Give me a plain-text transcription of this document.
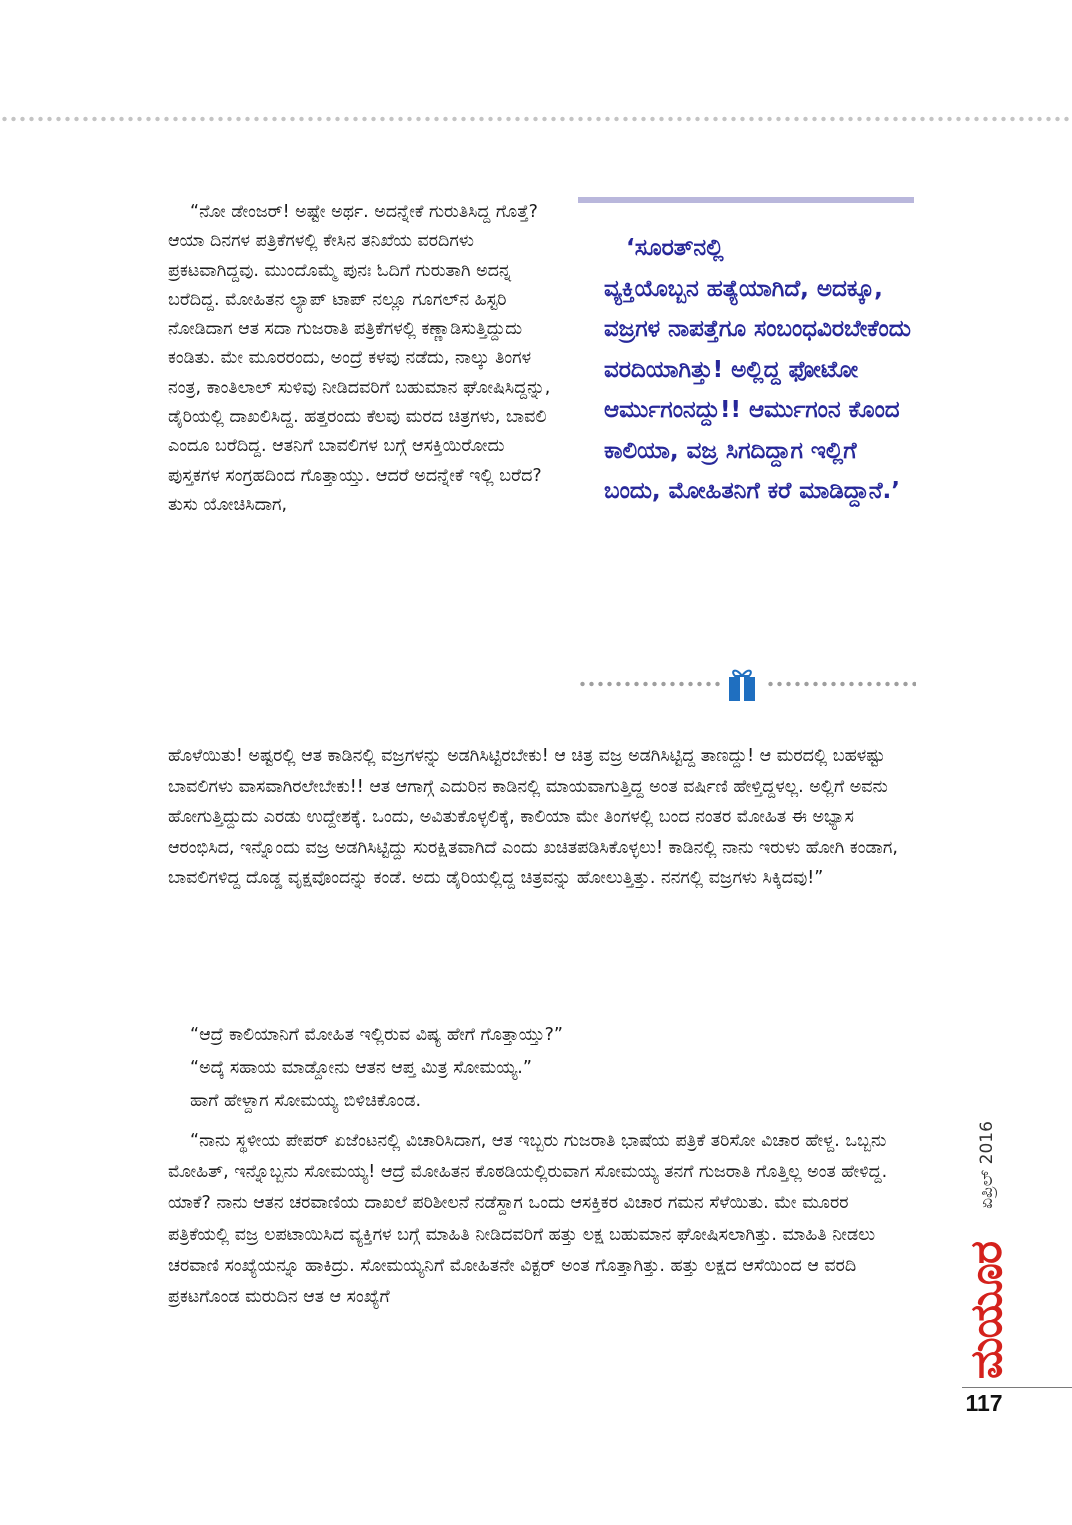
“ನೋ ಡೇಂಜರ್! ಅಷ್ಟೇ ಅರ್ಥ. ಅದನ್ನೇಕೆ ಗುರುತಿಸಿದ್ದ ಗೊತ್ತೆ? ಆಯಾ ದಿನಗಳ ಪತ್ರಿಕೆಗಳಲ್ಲಿ ಕೇಸಿನ ತನಿಖೆಯ ವರದಿಗಳು ಪ್ರಕಟವಾಗಿದ್ದವು. ಮುಂದೊಮ್ಮೆ ಪುನಃ ಓದಿಗೆ ಗುರುತಾಗಿ ಅದನ್ನ ಬರೆದಿದ್ದ. ಮೋಹಿತನ ಲ್ಯಾಪ್ ಟಾಪ್ ನಲ್ಲೂ ಗೂಗಲ್‌ನ ಹಿಸ್ಟರಿ ನೋಡಿದಾಗ ಆತ ಸದಾ ಗುಜರಾತಿ ಪತ್ರಿಕೆಗಳಲ್ಲಿ ಕಣ್ಣಾಡಿಸುತ್ತಿದ್ದುದು ಕಂಡಿತು. ಮೇ ಮೂರರಂದು, ಅಂದ್ರೆ ಕಳವು ನಡೆದು, ನಾಲ್ಕು ತಿಂಗಳ ನಂತ್ರ, ಕಾಂತಿಲಾಲ್ ಸುಳಿವು ನೀಡಿದವರಿಗೆ ಬಹುಮಾನ ಘೋಷಿಸಿದ್ದನ್ನು, ಡೈರಿಯಲ್ಲಿ ದಾಖಲಿಸಿದ್ದ. ಹತ್ತರಂದು ಕೆಲವು ಮರದ ಚಿತ್ರಗಳು, ಬಾವಲಿ ಎಂದೂ ಬರೆದಿದ್ದ. ಆತನಿಗೆ ಬಾವಲಿಗಳ ಬಗ್ಗೆ ಆಸಕ್ತಿಯಿರೋದು ಪುಸ್ತಕಗಳ ಸಂಗ್ರಹದಿಂದ ಗೊತ್ತಾಯ್ತು. ಆದರೆ ಅದನ್ನೇಕೆ ಇಲ್ಲಿ ಬರೆದ? ತುಸು ಯೋಚಿಸಿದಾಗ,

‘ಸೂರತ್‌ನಲ್ಲಿ
ವ್ಯಕ್ತಿಯೊಬ್ಬನ ಹತ್ಯೆಯಾಗಿದೆ, ಅದಕ್ಕೂ, ವಜ್ರಗಳ ನಾಪತ್ತೆಗೂ ಸಂಬಂಧವಿರಬೇಕೆಂದು ವರದಿಯಾಗಿತ್ತು! ಅಲ್ಲಿದ್ದ ಫೋಟೋ ಆರ್ಮುಗಂನದ್ದು!! ಆರ್ಮುಗಂನ ಕೊಂದ ಕಾಲಿಯಾ, ವಜ್ರ ಸಿಗದಿದ್ದಾಗ ಇಲ್ಲಿಗೆ ಬಂದು, ಮೋಹಿತನಿಗೆ ಕರೆ ಮಾಡಿದ್ದಾನೆ.’

ಹೊಳೆಯಿತು! ಅಷ್ಟರಲ್ಲಿ ಆತ ಕಾಡಿನಲ್ಲಿ ವಜ್ರಗಳನ್ನು ಅಡಗಿಸಿಟ್ಟಿರಬೇಕು! ಆ ಚಿತ್ರ ವಜ್ರ ಅಡಗಿಸಿಟ್ಟಿದ್ದ ತಾಣದ್ದು! ಆ ಮರದಲ್ಲಿ ಬಹಳಷ್ಟು ಬಾವಲಿಗಳು ವಾಸವಾಗಿರಲೇಬೇಕು!! ಆತ ಆಗಾಗ್ಗೆ ಎದುರಿನ ಕಾಡಿನಲ್ಲಿ ಮಾಯವಾಗುತ್ತಿದ್ದ ಅಂತ ವರ್ಷಿಣಿ ಹೇಳ್ತಿದ್ದಳಲ್ಲ. ಅಲ್ಲಿಗೆ ಅವನು ಹೋಗುತ್ತಿದ್ದುದು ಎರಡು ಉದ್ದೇಶಕ್ಕೆ. ಒಂದು, ಅವಿತುಕೊಳ್ಳಲಿಕ್ಕೆ, ಕಾಲಿಯಾ ಮೇ ತಿಂಗಳಲ್ಲಿ ಬಂದ ನಂತರ ಮೋಹಿತ ಈ ಅಭ್ಯಾಸ ಆರಂಭಿಸಿದ, ಇನ್ನೊಂದು ವಜ್ರ ಅಡಗಿಸಿಟ್ಟಿದ್ದು ಸುರಕ್ಷಿತವಾಗಿದೆ ಎಂದು ಖಚಿತಪಡಿಸಿಕೊಳ್ಳಲು! ಕಾಡಿನಲ್ಲಿ ನಾನು ಇರುಳು ಹೋಗಿ ಕಂಡಾಗ, ಬಾವಲಿಗಳಿದ್ದ ದೊಡ್ಡ ವೃಕ್ಷವೊಂದನ್ನು ಕಂಡೆ. ಅದು ಡೈರಿಯಲ್ಲಿದ್ದ ಚಿತ್ರವನ್ನು ಹೋಲುತ್ತಿತ್ತು. ನನಗಲ್ಲಿ ವಜ್ರಗಳು ಸಿಕ್ಕಿದವು!”

“ಆದ್ರೆ ಕಾಲಿಯಾನಿಗೆ ಮೋಹಿತ ಇಲ್ಲಿರುವ ವಿಷ್ಯ ಹೇಗೆ ಗೊತ್ತಾಯ್ತು?”

“ಅದ್ಕೆ ಸಹಾಯ ಮಾಡ್ದೋನು ಆತನ ಆಪ್ತ ಮಿತ್ರ ಸೋಮಯ್ಯ.”

ಹಾಗೆ ಹೇಳ್ದಾಗ ಸೋಮಯ್ಯ ಬಿಳಿಚಿಕೊಂಡ.

“ನಾನು ಸ್ಥಳೀಯ ಪೇಪರ್ ಏಜೆಂಟನಲ್ಲಿ ವಿಚಾರಿಸಿದಾಗ, ಆತ ಇಬ್ಬರು ಗುಜರಾತಿ ಭಾಷೆಯ ಪತ್ರಿಕೆ ತರಿಸೋ ವಿಚಾರ ಹೇಳ್ದ. ಒಬ್ಬನು ಮೋಹಿತ್, ಇನ್ನೊಬ್ಬನು ಸೋಮಯ್ಯ! ಆದ್ರೆ ಮೋಹಿತನ ಕೊಠಡಿಯಲ್ಲಿರುವಾಗ ಸೋಮಯ್ಯ ತನಗೆ ಗುಜರಾತಿ ಗೊತ್ತಿಲ್ಲ ಅಂತ ಹೇಳಿದ್ದ. ಯಾಕೆ? ನಾನು ಆತನ ಚರವಾಣಿಯ ದಾಖಲೆ ಪರಿಶೀಲನೆ ನಡೆಸ್ದಾಗ ಒಂದು ಆಸಕ್ತಿಕರ ವಿಚಾರ ಗಮನ ಸೆಳೆಯಿತು. ಮೇ ಮೂರರ ಪತ್ರಿಕೆಯಲ್ಲಿ ವಜ್ರ ಲಪಟಾಯಿಸಿದ ವ್ಯಕ್ತಿಗಳ ಬಗ್ಗೆ ಮಾಹಿತಿ ನೀಡಿದವರಿಗೆ ಹತ್ತು ಲಕ್ಷ ಬಹುಮಾನ ಘೋಷಿಸಲಾಗಿತ್ತು. ಮಾಹಿತಿ ನೀಡಲು ಚರವಾಣಿ ಸಂಖ್ಯೆಯನ್ನೂ ಹಾಕಿದ್ರು. ಸೋಮಯ್ಯನಿಗೆ ಮೋಹಿತನೇ ವಿಕ್ಟರ್ ಅಂತ ಗೊತ್ತಾಗಿತ್ತು. ಹತ್ತು ಲಕ್ಷದ ಆಸೆಯಿಂದ ಆ ವರದಿ ಪ್ರಕಟಗೊಂಡ ಮರುದಿನ ಆತ ಆ ಸಂಖ್ಯೆಗೆ

ಏಪ್ರಿಲ್ 2016
ಮಯೂರ
117
